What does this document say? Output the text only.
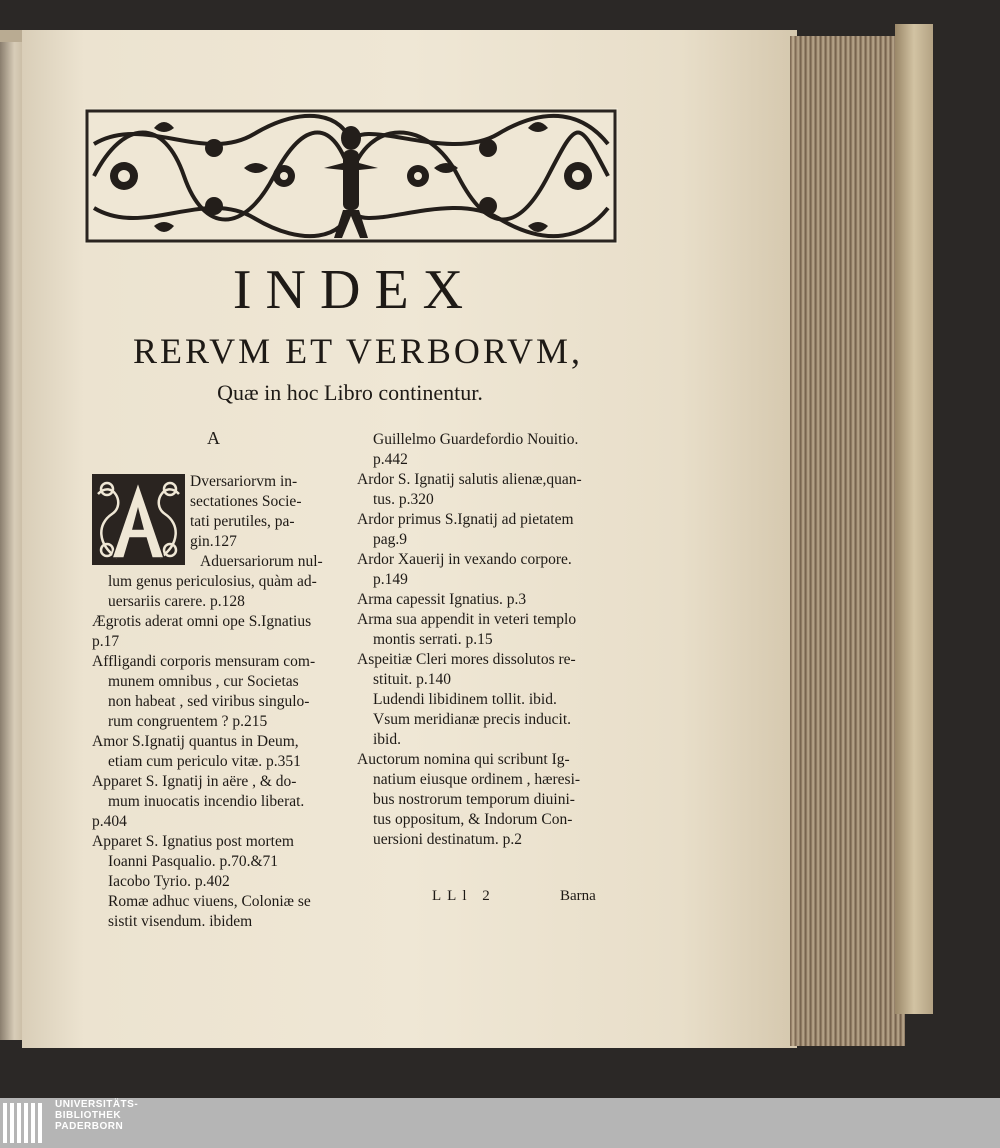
INDEX
RERVM ET VERBORVM,
Quæ in hoc Libro continentur.
A
Dversariorvm in-
sectationes Socie-
tati perutiles, pa-
gin.127
Aduersariorum nul-
lum genus periculosius, quàm ad-
uersariis carere. p.128
Ægrotis aderat omni ope S.Ignatius
p.17
Affligandi corporis mensuram com-
munem omnibus , cur Societas
non habeat , sed viribus singulo-
rum congruentem ? p.215
Amor S.Ignatij quantus in Deum,
etiam cum periculo vitæ. p.351
Apparet S. Ignatij in aëre , & do-
mum inuocatis incendio liberat.
p.404
Apparet S. Ignatius post mortem
Ioanni Pasqualio. p.70.&71
Iacobo Tyrio. p.402
Romæ adhuc viuens, Coloniæ se
sistit visendum. ibidem
Guillelmo Guardefordio Nouitio.
p.442
Ardor S. Ignatij salutis alienæ,quan-
tus. p.320
Ardor primus S.Ignatij ad pietatem
pag.9
Ardor Xauerij in vexando corpore.
p.149
Arma capessit Ignatius. p.3
Arma sua appendit in veteri templo
montis serrati. p.15
Aspeitiæ Cleri mores dissolutos re-
stituit. p.140
Ludendi libidinem tollit. ibid.
Vsum meridianæ precis inducit.
ibid.
Auctorum nomina qui scribunt Ig-
natium eiusque ordinem , hæresi-
bus nostrorum temporum diuini-
tus oppositum, & Indorum Con-
uersioni destinatum. p.2
LLl 2	Barna
UNIVERSITÄTS-
BIBLIOTHEK
PADERBORN
